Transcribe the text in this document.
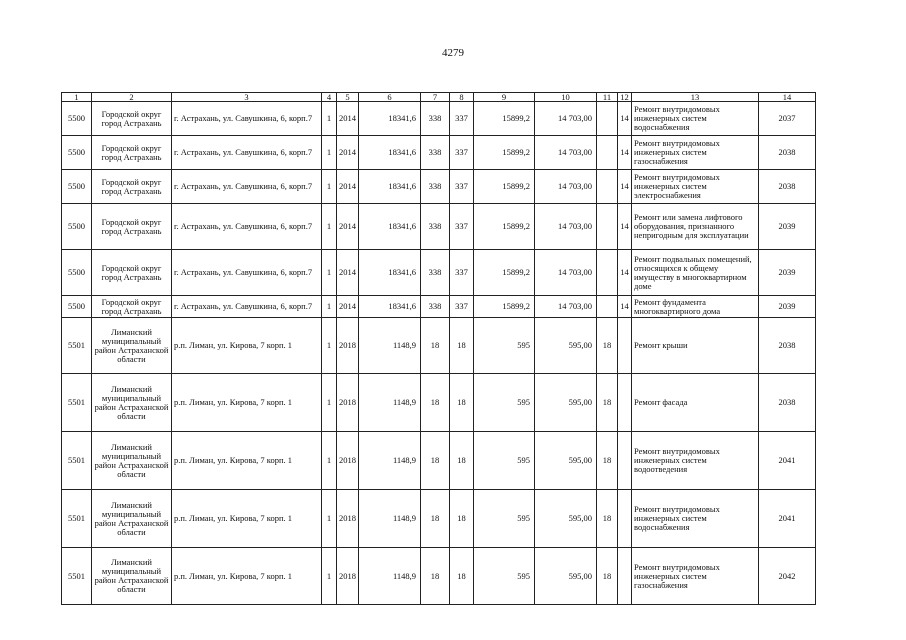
4279
1	2	3	4	5	6	7	8	9	10	11	12	13	14
5500	Городской округ город Астрахань	г. Астрахань, ул. Савушкина, 6, корп.7	1	2014	18341,6	338	337	15899,2	14 703,00		14	Ремонт внутридомовых инженерных систем водоснабжения	2037
5500	Городской округ город Астрахань	г. Астрахань, ул. Савушкина, 6, корп.7	1	2014	18341,6	338	337	15899,2	14 703,00		14	Ремонт внутридомовых инженерных систем газоснабжения	2038
5500	Городской округ город Астрахань	г. Астрахань, ул. Савушкина, 6, корп.7	1	2014	18341,6	338	337	15899,2	14 703,00		14	Ремонт внутридомовых инженерных систем электроснабжения	2038
5500	Городской округ город Астрахань	г. Астрахань, ул. Савушкина, 6, корп.7	1	2014	18341,6	338	337	15899,2	14 703,00		14	Ремонт или замена лифтового оборудования, признанного непригодным для эксплуатации	2039
5500	Городской округ город Астрахань	г. Астрахань, ул. Савушкина, 6, корп.7	1	2014	18341,6	338	337	15899,2	14 703,00		14	Ремонт подвальных помещений, относящихся к общему имуществу в многоквартирном доме	2039
5500	Городской округ город Астрахань	г. Астрахань, ул. Савушкина, 6, корп.7	1	2014	18341,6	338	337	15899,2	14 703,00		14	Ремонт фундамента многоквартирного дома	2039
5501	Лиманский муниципальный район Астраханской области	р.п. Лиман, ул. Кирова, 7 корп. 1	1	2018	1148,9	18	18	595	595,00	18		Ремонт крыши	2038
5501	Лиманский муниципальный район Астраханской области	р.п. Лиман, ул. Кирова, 7 корп. 1	1	2018	1148,9	18	18	595	595,00	18		Ремонт фасада	2038
5501	Лиманский муниципальный район Астраханской области	р.п. Лиман, ул. Кирова, 7 корп. 1	1	2018	1148,9	18	18	595	595,00	18		Ремонт внутридомовых инженерных систем водоотведения	2041
5501	Лиманский муниципальный район Астраханской области	р.п. Лиман, ул. Кирова, 7 корп. 1	1	2018	1148,9	18	18	595	595,00	18		Ремонт внутридомовых инженерных систем водоснабжения	2041
5501	Лиманский муниципальный район Астраханской области	р.п. Лиман, ул. Кирова, 7 корп. 1	1	2018	1148,9	18	18	595	595,00	18		Ремонт внутридомовых инженерных систем газоснабжения	2042
